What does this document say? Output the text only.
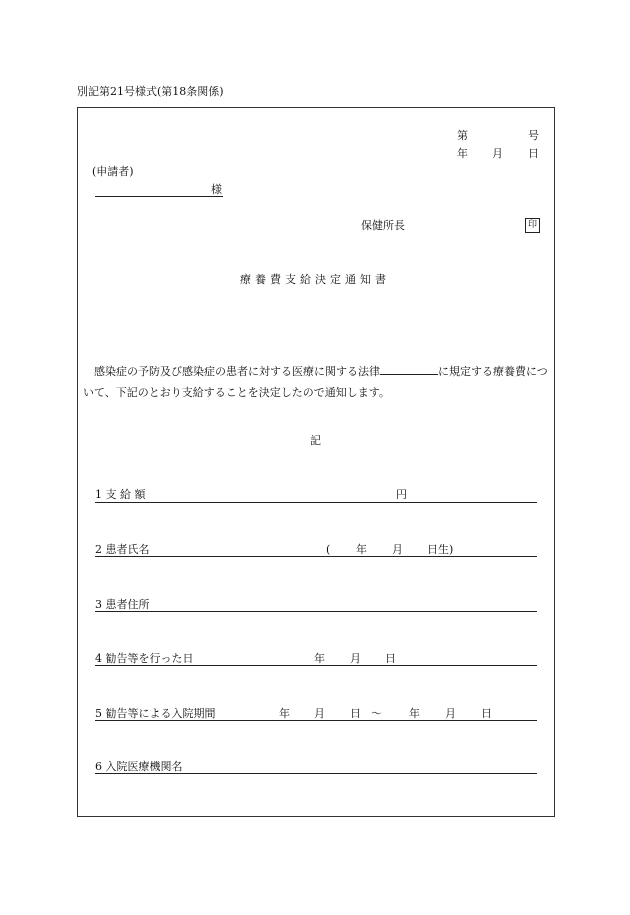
別記第21号様式(第18条関係)
第	号
年 月 日
(申請者)
様
保健所長	印
療養費支給決定通知書
感染症の予防及び感染症の患者に対する医療に関する法律	に規定する療養費について、下記のとおり支給することを決定したので通知します。
記
1 支 給 額	円
2 患者氏名	( 年 月 日生)
3 患者住所
4 勧告等を行った日	年 月 日
5 勧告等による入院期間	年 月 日 〜 年 月 日
6 入院医療機関名
